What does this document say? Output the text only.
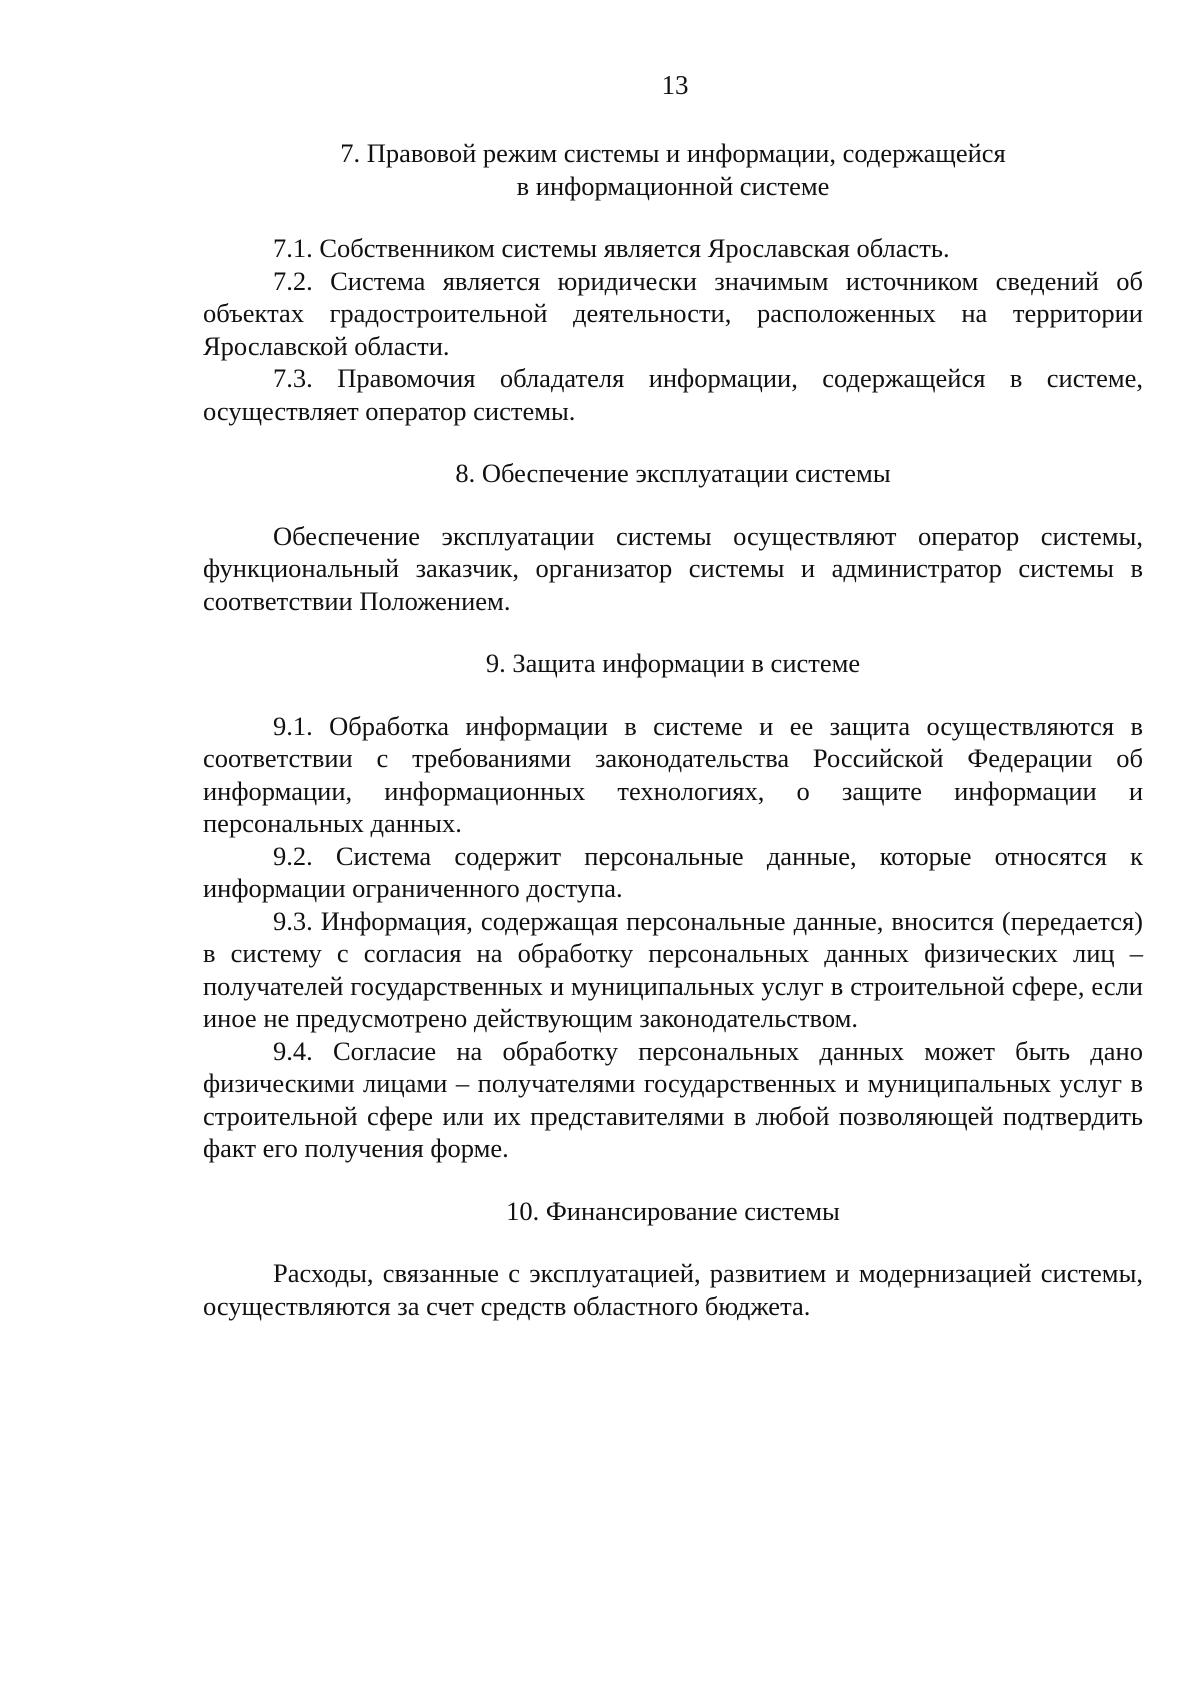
13
7. Правовой режим системы и информации, содержащейся
в информационной системе

7.1. Собственником системы является Ярославская область.

7.2. Система является юридически значимым источником сведений об объектах градостроительной деятельности, расположенных на территории Ярославской области.

7.3. Правомочия обладателя информации, содержащейся в системе, осуществляет оператор системы.

8. Обеспечение эксплуатации системы

Обеспечение эксплуатации системы осуществляют оператор системы, функциональный заказчик, организатор системы и администратор системы в соответствии Положением.

9. Защита информации в системе

9.1. Обработка информации в системе и ее защита осуществляются в соответствии с требованиями законодательства Российской Федерации об информации, информационных технологиях, о защите информации и персональных данных.

9.2. Система содержит персональные данные, которые относятся к информации ограниченного доступа.

9.3. Информация, содержащая персональные данные, вносится (передается) в систему с согласия на обработку персональных данных физических лиц – получателей государственных и муниципальных услуг в строительной сфере, если иное не предусмотрено действующим законодательством.

9.4. Согласие на обработку персональных данных может быть дано физическими лицами – получателями государственных и муниципальных услуг в строительной сфере или их представителями в любой позволяющей подтвердить факт его получения форме.

10. Финансирование системы

Расходы, связанные с эксплуатацией, развитием и модернизацией системы, осуществляются за счет средств областного бюджета.
